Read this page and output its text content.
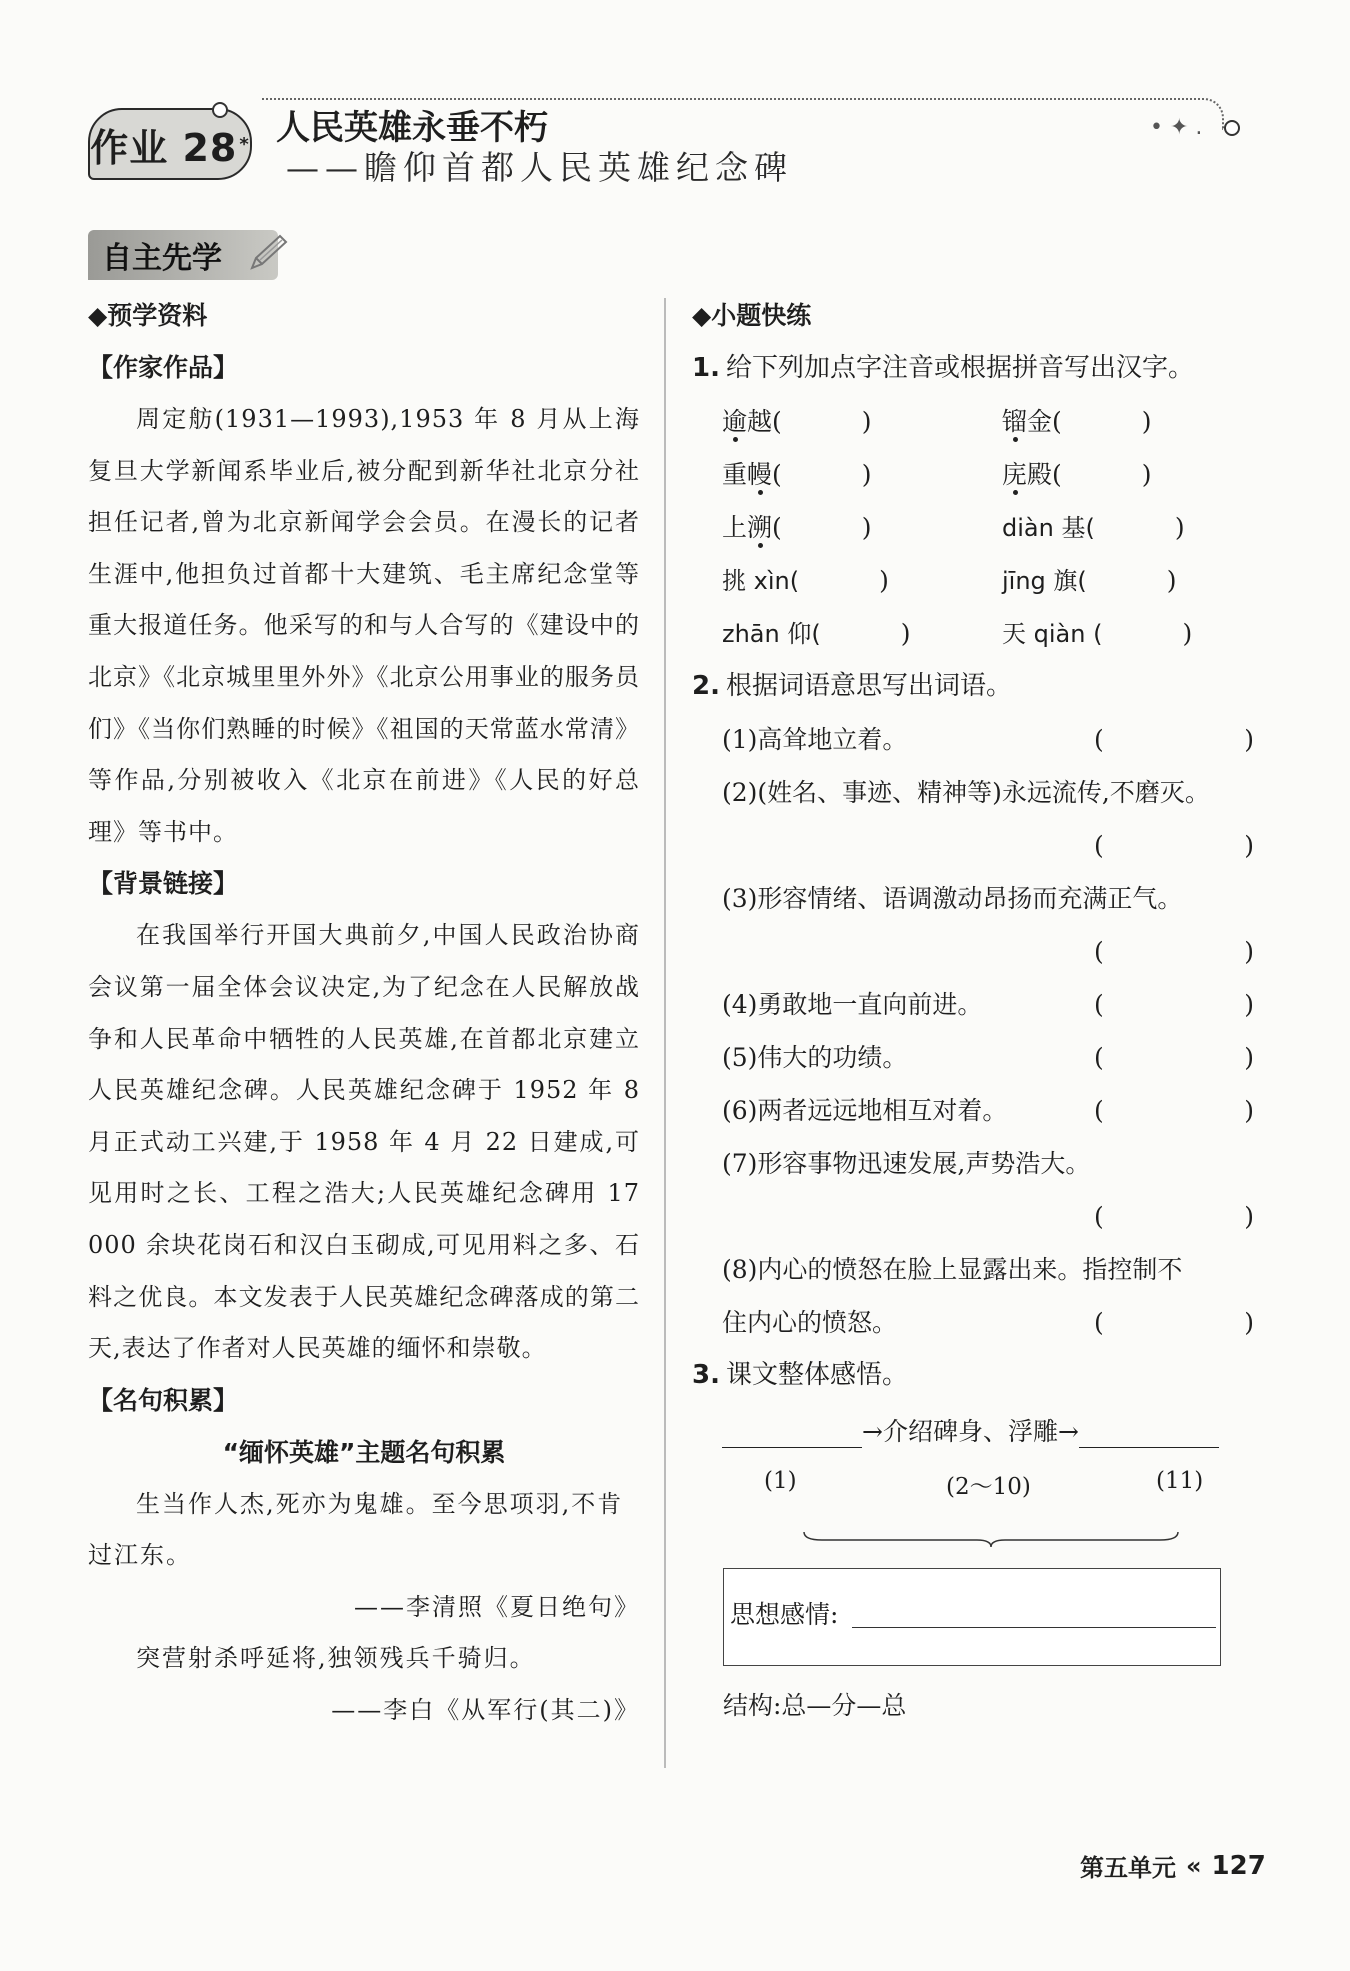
作业 28 *
• ✦ .
人民英雄永垂不朽
——瞻仰首都人民英雄纪念碑
自主先学
◆预学资料
【作家作品】
周定舫(1931—1993),1953 年 8 月从上海复旦大学新闻系毕业后,被分配到新华社北京分社担任记者,曾为北京新闻学会会员。在漫长的记者生涯中,他担负过首都十大建筑、毛主席纪念堂等重大报道任务。他采写的和与人合写的《建设中的北京》《北京城里里外外》《北京公用事业的服务员们》《当你们熟睡的时候》《祖国的天常蓝水常清》等作品,分别被收入《北京在前进》《人民的好总理》等书中。
【背景链接】
在我国举行开国大典前夕,中国人民政治协商会议第一届全体会议决定,为了纪念在人民解放战争和人民革命中牺牲的人民英雄,在首都北京建立人民英雄纪念碑。人民英雄纪念碑于 1952 年 8 月正式动工兴建,于 1958 年 4 月 22 日建成,可见用时之长、工程之浩大;人民英雄纪念碑用 17 000 余块花岗石和汉白玉砌成,可见用料之多、石料之优良。本文发表于人民英雄纪念碑落成的第二天,表达了作者对人民英雄的缅怀和崇敬。
【名句积累】
“缅怀英雄”主题名句积累
生当作人杰,死亦为鬼雄。至今思项羽,不肯过江东。
——李清照《夏日绝句》
突营射杀呼延将,独领残兵千骑归。
——李白《从军行(其二)》
◆小题快练
1. 给下列加点字注音或根据拼音写出汉字。
逾越(	)	镏金(	)
重幔(	)	庑殿(	)
上溯(	)	diàn 基(	)
挑 xìn(	)	jīng 旗(	)
zhān 仰(	)	天 qiàn (	)
2. 根据词语意思写出词语。
(1)高耸地立着。	(	)
(2)(姓名、事迹、精神等)永远流传,不磨灭。
(	)
(3)形容情绪、语调激动昂扬而充满正气。
(	)
(4)勇敢地一直向前进。	(	)
(5)伟大的功绩。	(	)
(6)两者远远地相互对着。	(	)
(7)形容事物迅速发展,声势浩大。
(	)
(8)内心的愤怒在脸上显露出来。指控制不
住内心的愤怒。	(	)
3. 课文整体感悟。
→介绍碑身、浮雕→
(1)	(2～10)	(11)
思想感情:
结构:总—分—总
第五单元 « 127
